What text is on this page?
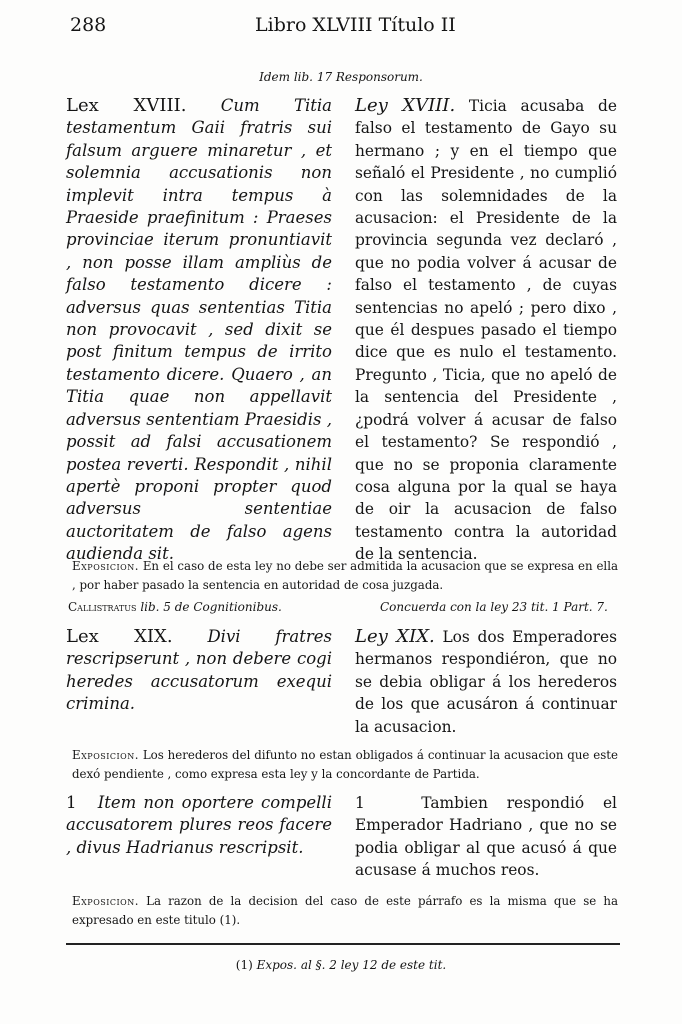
288	Libro XLVIII Título II
Idem lib. 17 Responsorum.
Lex XVIII. Cum Titia testamentum Gaii fratris sui falsum arguere minaretur , et solemnia accusationis non implevit intra tempus à Praeside praefinitum : Praeses provinciae iterum pronuntiavit , non posse illam ampliùs de falso testamento dicere : adversus quas sententias Titia non provocavit , sed dixit se post finitum tempus de irrito testamento dicere. Quaero , an Titia quae non appellavit adversus sententiam Praesidis , possit ad falsi accusationem postea reverti. Respondit , nihil apertè proponi propter quod adversus sententiae auctoritatem de falso agens audienda sit.
Ley XVIII. Ticia acusaba de falso el testamento de Gayo su hermano ; y en el tiempo que señaló el Presidente , no cumplió con las solemnidades de la acusacion: el Presidente de la provincia segunda vez declaró , que no podia volver á acusar de falso el testamento , de cuyas sentencias no apeló ; pero dixo , que él despues pasado el tiempo dice que es nulo el testamento. Pregunto , Ticia, que no apeló de la sentencia del Presidente , ¿podrá volver á acusar de falso el testamento? Se respondió , que no se proponia claramente cosa alguna por la qual se haya de oir la acusacion de falso testamento contra la autoridad de la sentencia.
Exposicion. En el caso de esta ley no debe ser admitida la acusacion que se expresa en ella , por haber pasado la sentencia en autoridad de cosa juzgada.
Callistratus lib. 5 de Cognitionibus.	Concuerda con la ley 23 tit. 1 Part. 7.
Lex XIX. Divi fratres rescripserunt , non debere cogi heredes accusatorum exequi crimina.
Ley XIX. Los dos Emperadores hermanos respondiéron, que no se debia obligar á los herederos de los que acusáron á continuar la acusacion.
Exposicion. Los herederos del difunto no estan obligados á continuar la acusacion que este dexó pendiente , como expresa esta ley y la concordante de Partida.
1 Item non oportere compelli accusatorem plures reos facere , divus Hadrianus rescripsit.
1	Tambien respondió el Emperador Hadriano , que no se podia obligar al que acusó á que acusase á muchos reos.
Exposicion. La razon de la decision del caso de este párrafo es la misma que se ha expresado en este titulo (1).
(1) Expos. al §. 2 ley 12 de este tit.
